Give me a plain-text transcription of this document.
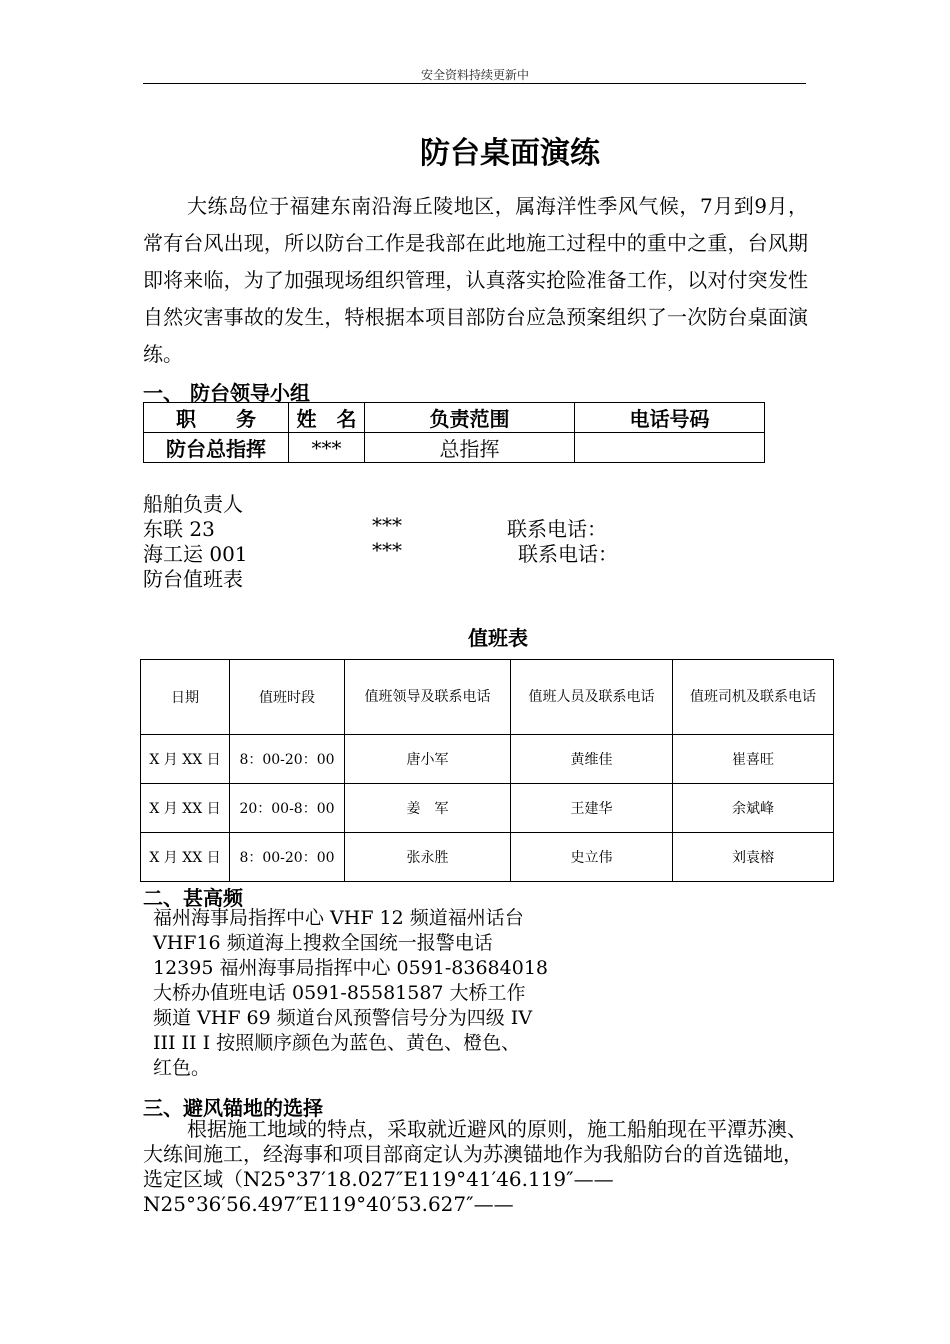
安全资料持续更新中
防台桌面演练
大练岛位于福建东南沿海丘陵地区，属海洋性季风气候，7月到9月，常有台风出现，所以防台工作是我部在此地施工过程中的重中之重，台风期即将来临，为了加强现场组织管理，认真落实抢险准备工作，以对付突发性自然灾害事故的发生，特根据本项目部防台应急预案组织了一次防台桌面演练。
一、 防台领导小组
职　　务	姓　名	负责范围	电话号码
防台总指挥	***	总指挥	
船舶负责人
东联 23	***	联系电话：
海工运 001	***	联系电话：
防台值班表
值班表
日期	值班时段	值班领导及联系电话	值班人员及联系电话	值班司机及联系电话
X 月 XX 日	8：00-20：00	唐小军	黄维佳	崔喜旺
X 月 XX 日	20：00-8：00	姜　军	王建华	余斌峰
X 月 XX 日	8：00-20：00	张永胜	史立伟	刘袁榕
二、甚高频
福州海事局指挥中心 VHF 12 频道福州话台
VHF16 频道海上搜救全国统一报警电话
12395 福州海事局指挥中心 0591-83684018
大桥办值班电话 0591-85581587 大桥工作
频道 VHF 69 频道台风预警信号分为四级 IV
III II I 按照顺序颜色为蓝色、黄色、橙色、
红色。
三、避风锚地的选择
根据施工地域的特点，采取就近避风的原则，施工船舶现在平潭苏澳、大练间施工，经海事和项目部商定认为苏澳锚地作为我船防台的首选锚地，选定区域（N25°37′18.027″E119°41′46.119″——N25°36′56.497″E119°40′53.627″——
